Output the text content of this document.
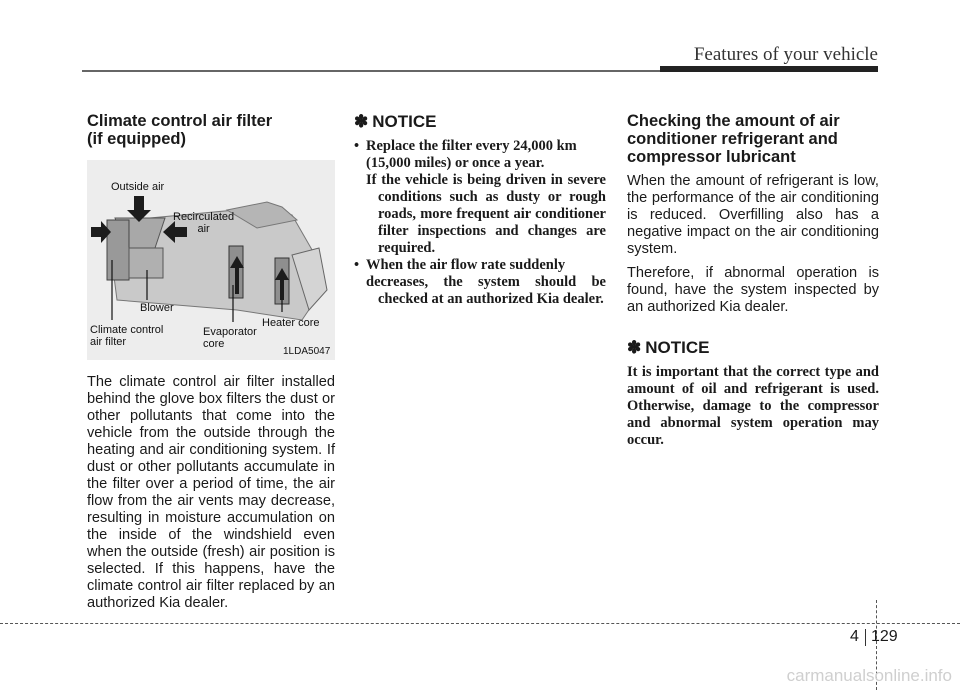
Features of your vehicle
Climate control air filter
(if equipped)
Outside air
Recirculated
air
Blower
Climate control
air filter
Evaporator
core
Heater core
1LDA5047

The climate control air filter installed behind the glove box filters the dust or other pollutants that come into the vehicle from the outside through the heating and air conditioning system. If dust or other pollutants accumulate in the filter over a period of time, the air flow from the air vents may decrease, resulting in moisture accumulation on the inside of the windshield even when the outside (fresh) air position is selected. If this happens, have the climate control air filter replaced by an authorized Kia dealer.

✽ NOTICE
• Replace the filter every 24,000 km
(15,000 miles) or once a year.
If the vehicle is being driven in severe conditions such as dusty or rough roads, more frequent air conditioner filter inspections and changes are required.
• When the air flow rate suddenly
decreases, the system should be checked at an authorized Kia dealer.
Checking the amount of air
conditioner refrigerant and
compressor lubricant

When the amount of refrigerant is low, the performance of the air conditioning is reduced. Overfilling also has a negative impact on the air conditioning system.

Therefore, if abnormal operation is found, have the system inspected by an authorized Kia dealer.

✽ NOTICE

It is important that the correct type and amount of oil and refrigerant is used. Otherwise, damage to the compressor and abnormal system operation may occur.

4 129
carmanualsonline.info
